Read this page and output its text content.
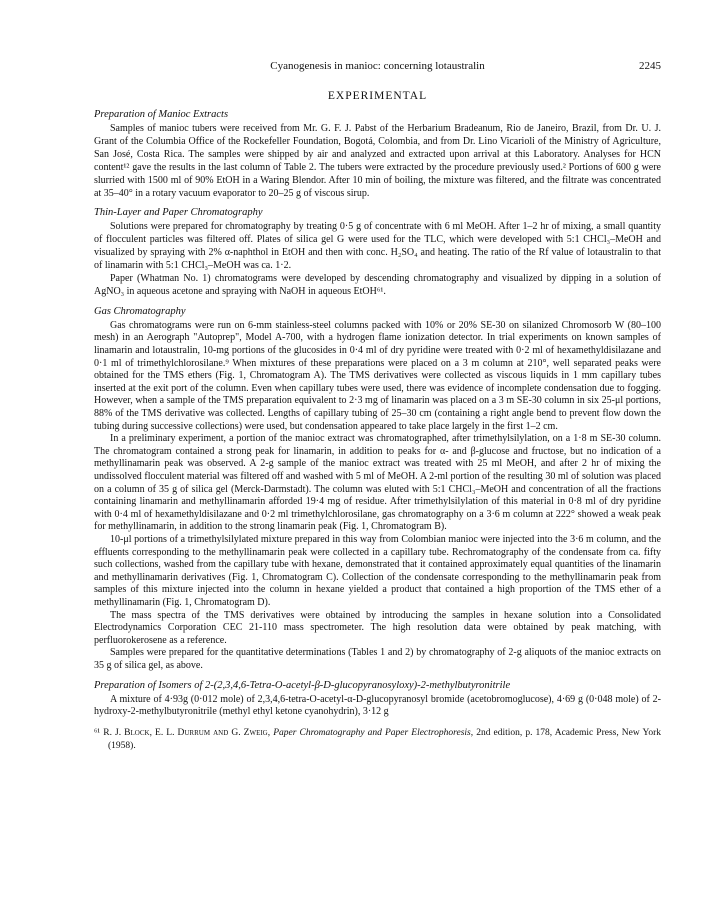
Cyanogenesis in manioc: concerning lotaustralin	2245
EXPERIMENTAL
Preparation of Manioc Extracts

Samples of manioc tubers were received from Mr. G. F. J. Pabst of the Herbarium Bradeanum, Rio de Janeiro, Brazil, from Dr. U. J. Grant of the Columbia Office of the Rockefeller Foundation, Bogotá, Colombia, and from Dr. Lino Vicarioli of the Ministry of Agriculture, San José, Costa Rica. The samples were shipped by air and analyzed and extracted upon arrival at this Laboratory. Analyses for HCN content¹² gave the results in the last column of Table 2. The tubers were extracted by the procedure previously used.² Portions of 600 g were slurried with 1500 ml of 90% EtOH in a Waring Blendor. After 10 min of boiling, the mixture was filtered, and the filtrate was concentrated at 35–40° in a rotary vacuum evaporator to 20–25 g of viscous sirup.

Thin-Layer and Paper Chromatography

Solutions were prepared for chromatography by treating 0·5 g of concentrate with 6 ml MeOH. After 1–2 hr of mixing, a small quantity of flocculent particles was filtered off. Plates of silica gel G were used for the TLC, which were developed with 5:1 CHCl₃–MeOH and visualized by spraying with 2% α-naphthol in EtOH and then with conc. H₂SO₄ and heating. The ratio of the Rf value of lotaustralin to that of linamarin with 5:1 CHCl₃–MeOH was ca. 1·2.

Paper (Whatman No. 1) chromatograms were developed by descending chromatography and visualized by dipping in a solution of AgNO₃ in aqueous acetone and spraying with NaOH in aqueous EtOH⁶¹.

Gas Chromatography

Gas chromatograms were run on 6-mm stainless-steel columns packed with 10% or 20% SE-30 on silanized Chromosorb W (80–100 mesh) in an Aerograph "Autoprep", Model A-700, with a hydrogen flame ionization detector. In trial experiments on known samples of linamarin and lotaustralin, 10-mg portions of the glucosides in 0·4 ml of dry pyridine were treated with 0·2 ml of hexamethyldisilazane and 0·1 ml of trimethylchlorosilane.⁹ When mixtures of these preparations were placed on a 3 m column at 210°, well separated peaks were obtained for the TMS ethers (Fig. 1, Chromatogram A). The TMS derivatives were collected as viscous liquids in 1 mm capillary tubes inserted at the exit port of the column. Even when capillary tubes were used, there was evidence of incomplete condensation due to fogging. However, when a sample of the TMS preparation equivalent to 2·3 mg of linamarin was placed on a 3 m SE-30 column in six 25-μl portions, 88% of the TMS derivative was collected. Lengths of capillary tubing of 25–30 cm (containing a right angle bend to prevent flow down the tubing during successive collections) were used, but condensation appeared to take place largely in the first 1–2 cm.

In a preliminary experiment, a portion of the manioc extract was chromatographed, after trimethylsilylation, on a 1·8 m SE-30 column. The chromatogram contained a strong peak for linamarin, in addition to peaks for α- and β-glucose and fructose, but no indication of a methyllinamarin peak was observed. A 2-g sample of the manioc extract was treated with 25 ml MeOH, and after 2 hr of mixing the undissolved flocculent material was filtered off and washed with 5 ml of MeOH. A 2-ml portion of the resulting 30 ml of solution was placed on a column of 35 g of silica gel (Merck-Darmstadt). The column was eluted with 5:1 CHCl₃–MeOH and concentration of all the fractions containing linamarin and methyllinamarin afforded 19·4 mg of residue. After trimethylsilylation of this material in 0·8 ml of dry pyridine with 0·4 ml of hexamethyldisilazane and 0·2 ml trimethylchlorosilane, gas chromatography on a 3·6 m column at 222° showed a weak peak for methyllinamarin, in addition to the strong linamarin peak (Fig. 1, Chromatogram B).

10-μl portions of a trimethylsilylated mixture prepared in this way from Colombian manioc were injected into the 3·6 m column, and the effluents corresponding to the methyllinamarin peak were collected in a capillary tube. Rechromatography of the condensate from ca. fifty such collections, washed from the capillary tube with hexane, demonstrated that it contained approximately equal quantities of the linamarin and methyllinamarin derivatives (Fig. 1, Chromatogram C). Collection of the condensate corresponding to the methyllinamarin peak from samples of this mixture injected into the column in hexane yielded a product that contained a high proportion of the TMS ether of a methyllinamarin (Fig. 1, Chromatogram D).

The mass spectra of the TMS derivatives were obtained by introducing the samples in hexane solution into a Consolidated Electrodynamics Corporation CEC 21-110 mass spectrometer. The high resolution data were obtained by peak matching, with perfluorokerosene as a reference.

Samples were prepared for the quantitative determinations (Tables 1 and 2) by chromatography of 2-g aliquots of the manioc extracts on 35 g of silica gel, as above.

Preparation of Isomers of 2-(2,3,4,6-Tetra-O-acetyl-β-D-glucopyranosyloxy)-2-methylbutyronitrile

A mixture of 4·93g (0·012 mole) of 2,3,4,6-tetra-O-acetyl-α-D-glucopyranosyl bromide (acetobromoglucose), 4·69 g (0·048 mole) of 2-hydroxy-2-methylbutyronitrile (methyl ethyl ketone cyanohydrin), 3·12 g

⁶¹ R. J. Block, E. L. Durrum and G. Zweig, Paper Chromatography and Paper Electrophoresis, 2nd edition, p. 178, Academic Press, New York (1958).
